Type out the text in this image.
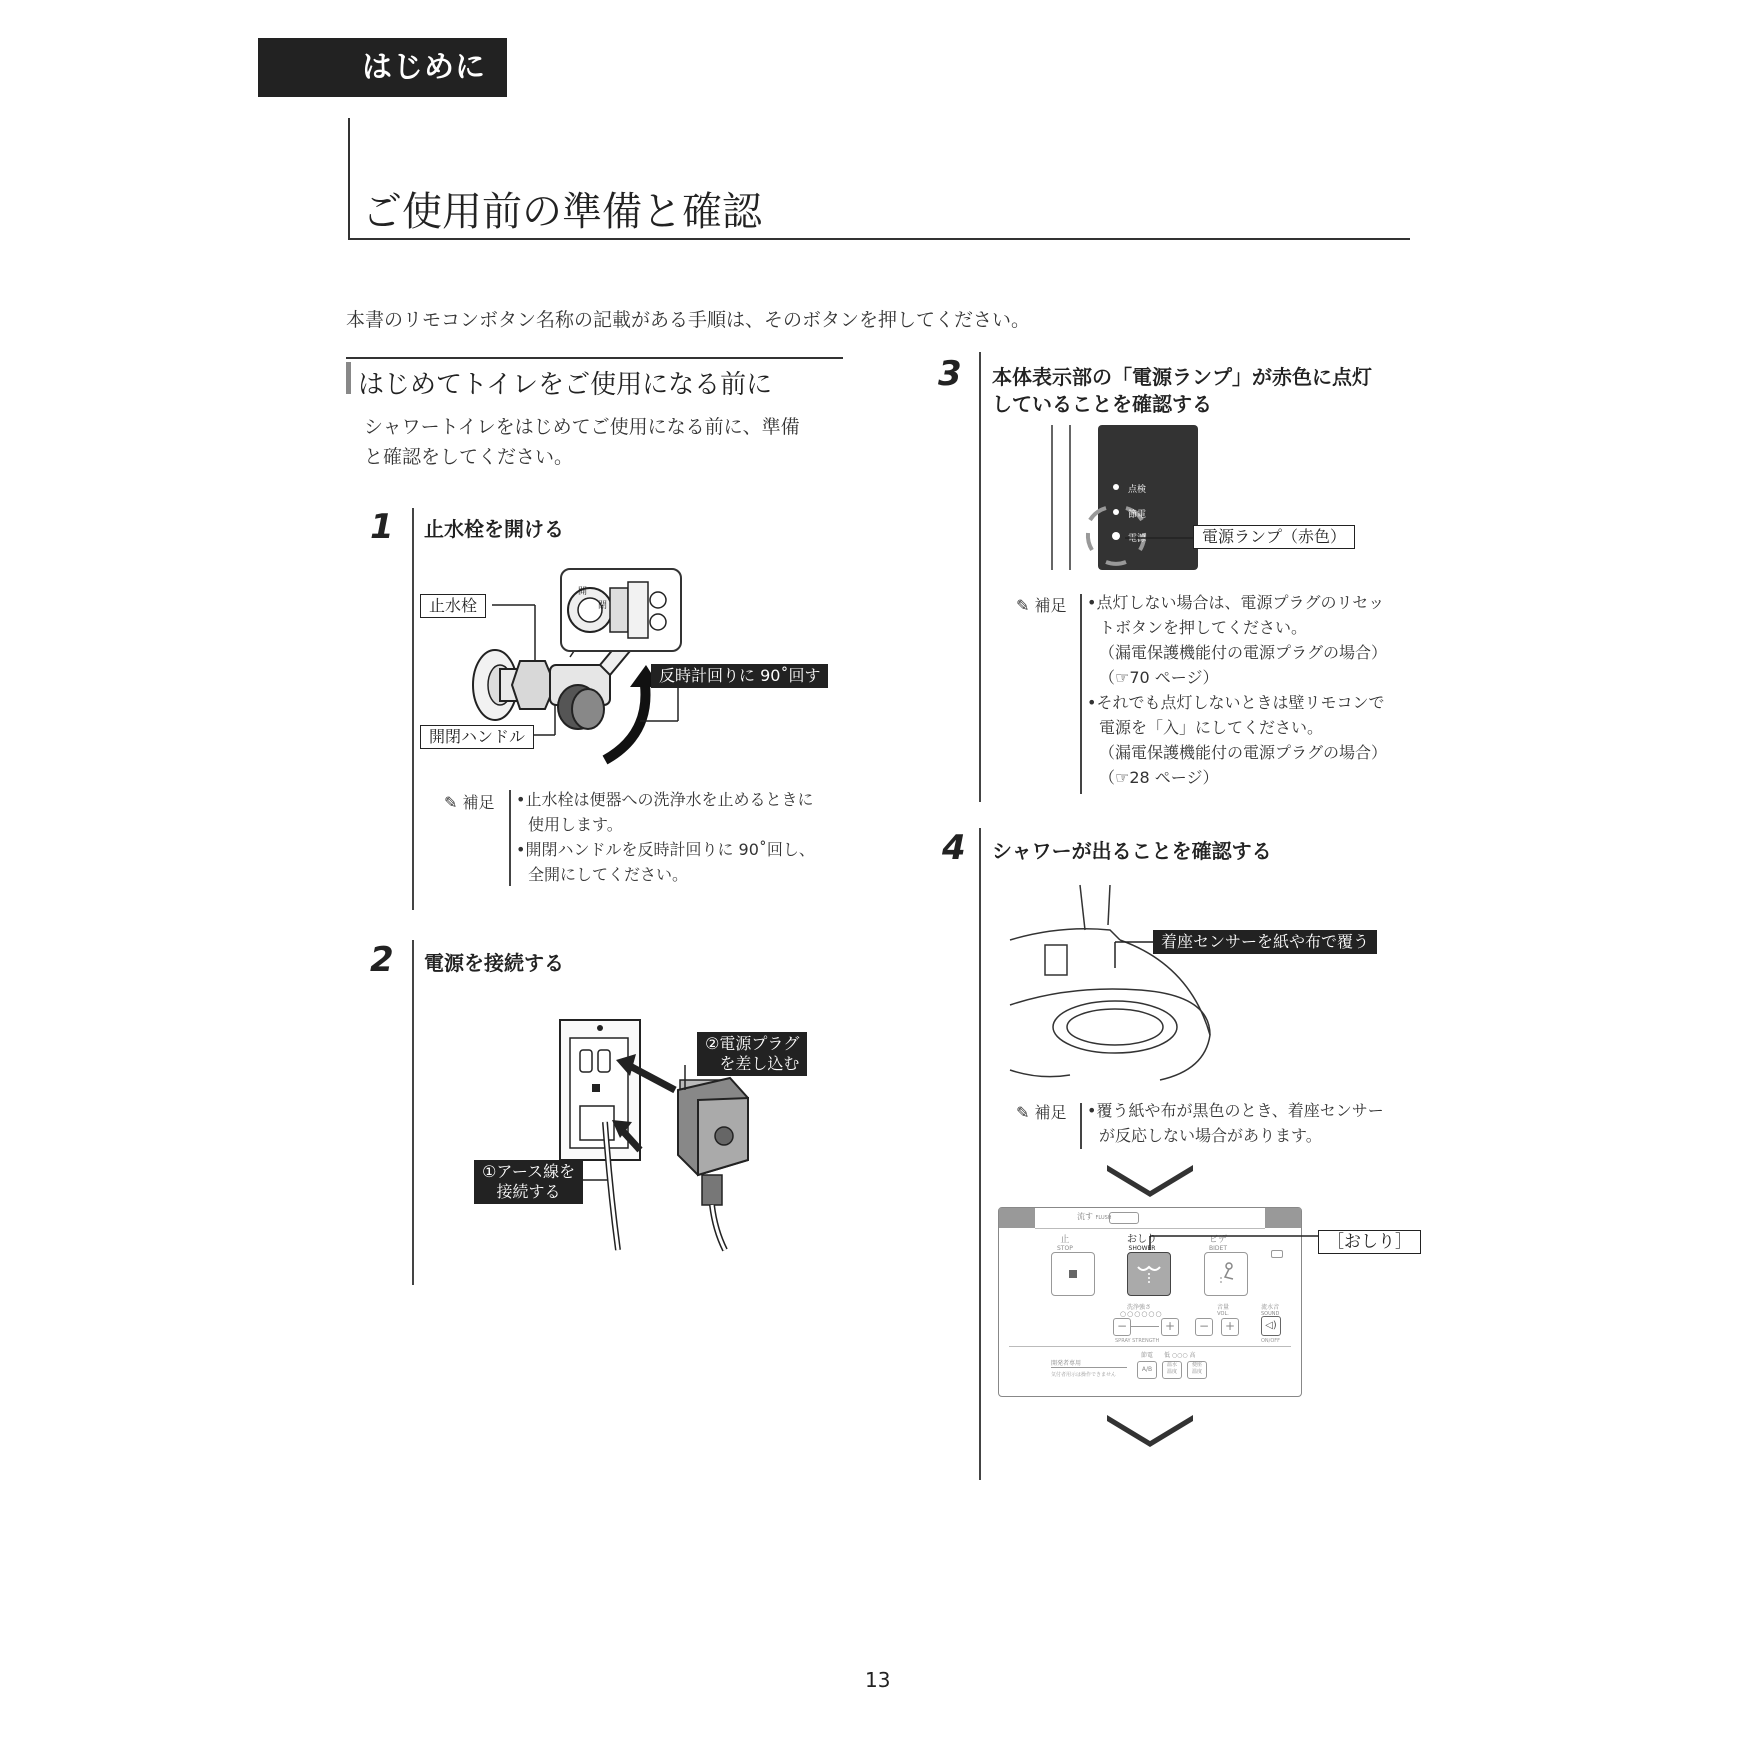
はじめに
ご使用前の準備と確認
本書のリモコンボタン名称の記載がある手順は、そのボタンを押してください。
はじめてトイレをご使用になる前に
シャワートイレをはじめてご使用になる前に、準備
と確認をしてください。
1 止水栓を開ける
開
閉
止水栓
開閉ハンドル
反時計回りに 90˚回す
✎ 補足 •止水栓は便器への洗浄水を止めるときに
使用します。
•開閉ハンドルを反時計回りに 90˚回し、
全開にしてください。
2 電源を接続する
②電源プラグ
を差し込む
①アース線を
接続する
3 本体表示部の「電源ランプ」が赤色に点灯
していることを確認する
点検
節電
電源	電源ランプ（赤色）
✎ 補足 •点灯しない場合は、電源プラグのリセッ
トボタンを押してください。
（漏電保護機能付の電源プラグの場合）
（☞70 ページ）
•それでも点灯しないときは壁リモコンで
電源を「入」にしてください。
（漏電保護機能付の電源プラグの場合）
（☞28 ページ）
4 シャワーが出ることを確認する
着座センサーを紙や布で覆う
✎ 補足 •覆う紙や布が黒色のとき、着座センサー
が反応しない場合があります。
流す FLUSH
止
STOP
おしり
SHOWER
ビデ
BIDET
洗浄強さ
○○○○○○
−	+
SPRAY STRENGTH
音量
VOL.
−	+
流水音
SOUND
◁)
ON/OFF
開発者専用
気付者用示は操作できません
節電
A/B
低 ○○○ 高
温水
温度
便座
温度
［おしり］
13
